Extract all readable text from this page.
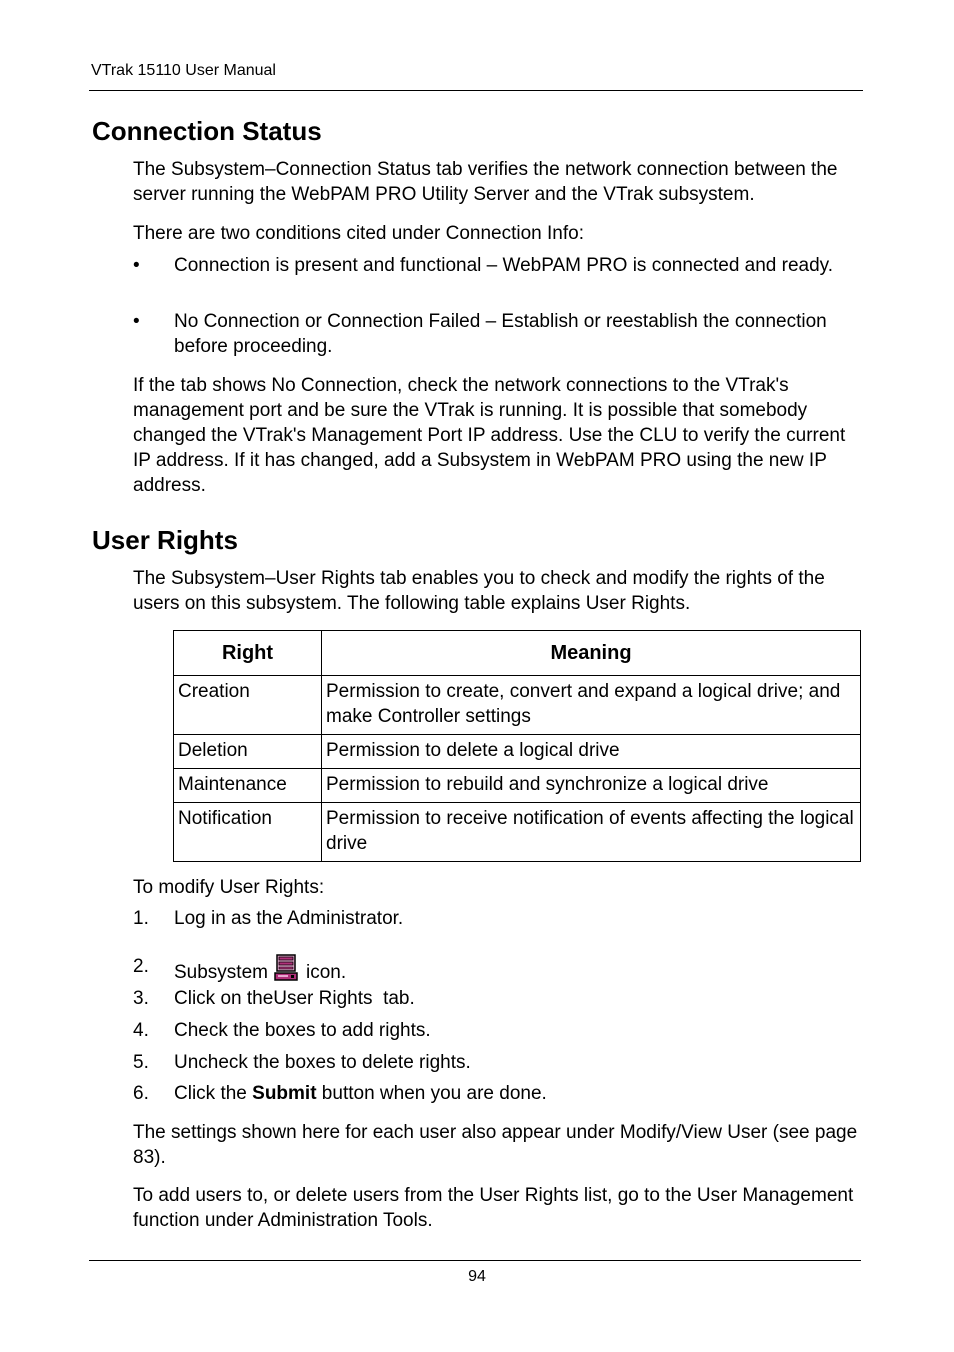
VTrak 15110 User Manual
Connection Status

The Subsystem–Connection Status tab verifies the network connection between the server running the WebPAM PRO Utility Server and the VTrak subsystem.

There are two conditions cited under Connection Info:

•	Connection is present and functional – WebPAM PRO is connected and ready.
•	No Connection or Connection Failed – Establish or reestablish the connection before proceeding.

If the tab shows No Connection, check the network connections to the VTrak's management port and be sure the VTrak is running. It is possible that somebody changed the VTrak's Management Port IP address. Use the CLU to verify the current IP address. If it has changed, add a Subsystem in WebPAM PRO using the new IP address.

User Rights

The Subsystem–User Rights tab enables you to check and modify the rights of the users on this subsystem. The following table explains User Rights.

Right	Meaning
Creation	Permission to create, convert and expand a logical drive; and make Controller settings
Deletion	Permission to delete a logical drive
Maintenance	Permission to rebuild and synchronize a logical drive
Notification	Permission to receive notification of events affecting the logical drive

To modify User Rights:

1.	Log in as the Administrator.
2.	Subsystem icon.
3.	Click on theUser Rights  tab.
4.	Check the boxes to add rights.
5.	Uncheck the boxes to delete rights.
6.	Click the Submit button when you are done.

The settings shown here for each user also appear under Modify/View User (see page 83).

To add users to, or delete users from the User Rights list, go to the User Management function under Administration Tools.

94
